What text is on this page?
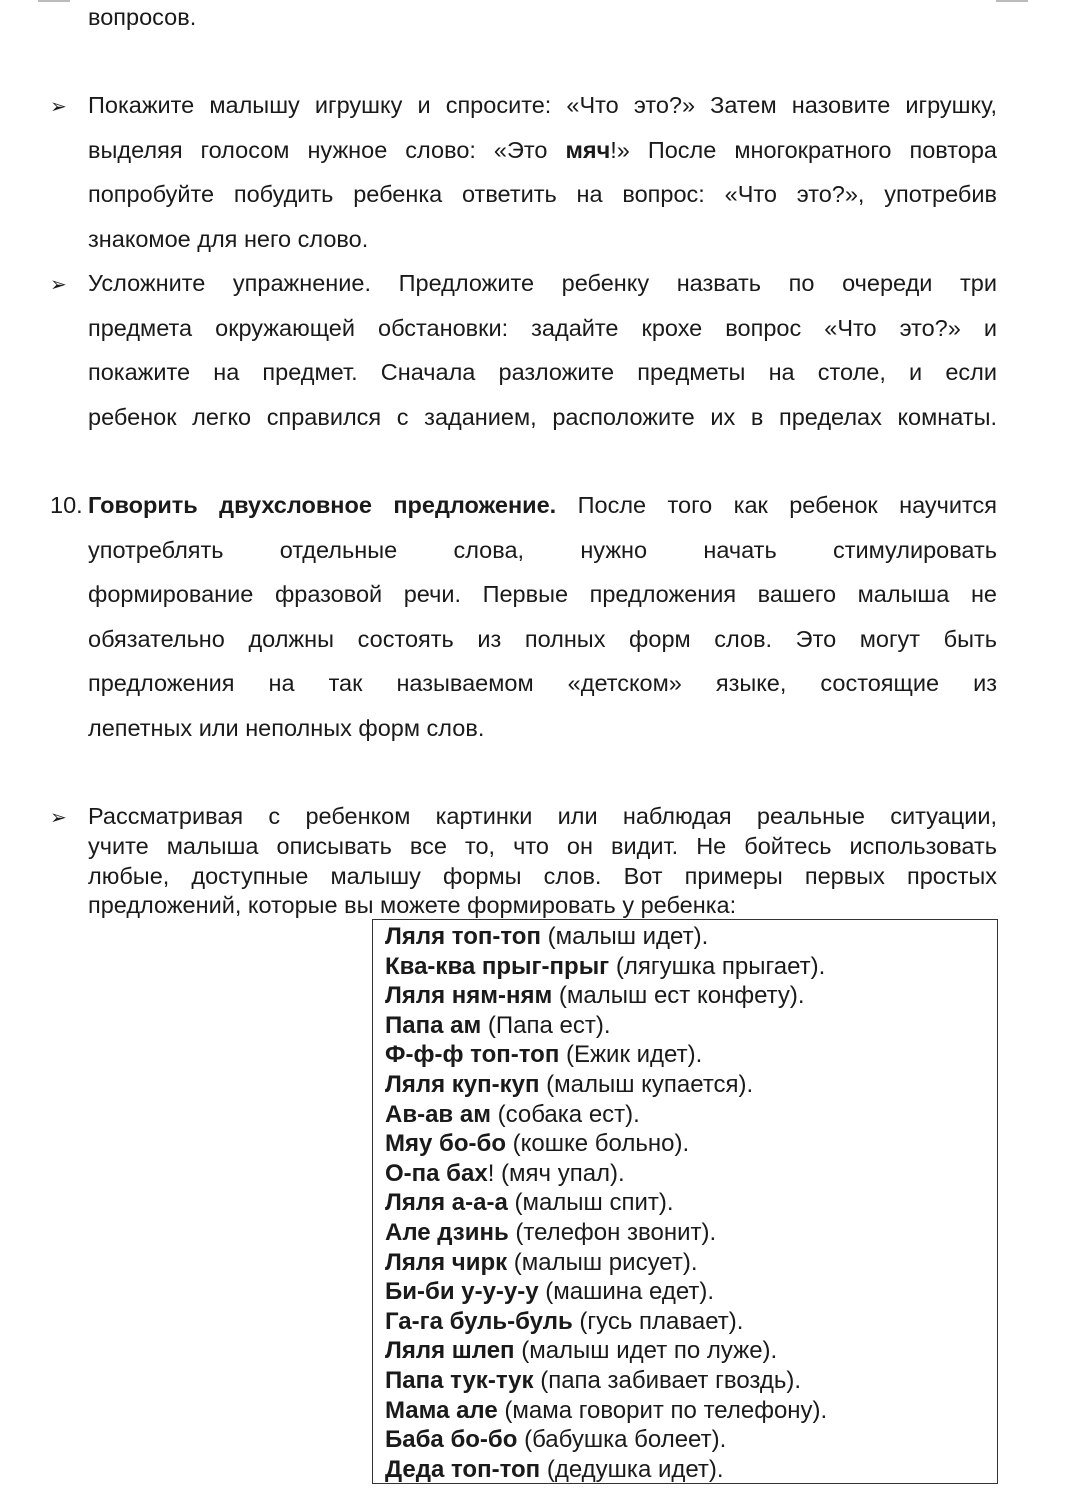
вопросов.
➢ Покажите малышу игрушку и спросите: «Что это?» Затем назовите игрушку,
выделяя голосом нужное слово: «Это мяч!» После многократного повтора
попробуйте побудить ребенка ответить на вопрос: «Что это?», употребив
знакомое для него слово.
➢ Усложните упражнение. Предложите ребенку назвать по очереди три
предмета окружающей обстановки: задайте крохе вопрос «Что это?» и
покажите на предмет. Сначала разложите предметы на столе, и если
ребенок легко справился с заданием, расположите их в пределах комнаты.
10. Говорить двухсловное предложение. После того как ребенок научится
употреблять отдельные слова, нужно начать стимулировать
формирование фразовой речи. Первые предложения вашего малыша не
обязательно должны состоять из полных форм слов. Это могут быть
предложения на так называемом «детском» языке, состоящие из
лепетных или неполных форм слов.
➢ Рассматривая с ребенком картинки или наблюдая реальные ситуации,
учите малыша описывать все то, что он видит. Не бойтесь использовать
любые, доступные малышу формы слов. Вот примеры первых простых
предложений, которые вы можете формировать у ребенка:
Ляля топ-топ (малыш идет).
Ква-ква прыг-прыг (лягушка прыгает).
Ляля ням-ням (малыш ест конфету).
Папа ам (Папа ест).
Ф-ф-ф топ-топ (Ежик идет).
Ляля куп-куп (малыш купается).
Ав-ав ам (собака ест).
Мяу бо-бо (кошке больно).
О-па бах! (мяч упал).
Ляля а-а-а (малыш спит).
Але дзинь (телефон звонит).
Ляля чирк (малыш рисует).
Би-би у-у-у-у (машина едет).
Га-га буль-буль (гусь плавает).
Ляля шлеп (малыш идет по луже).
Папа тук-тук (папа забивает гвоздь).
Мама але (мама говорит по телефону).
Баба бо-бо (бабушка болеет).
Деда топ-топ (дедушка идет).
